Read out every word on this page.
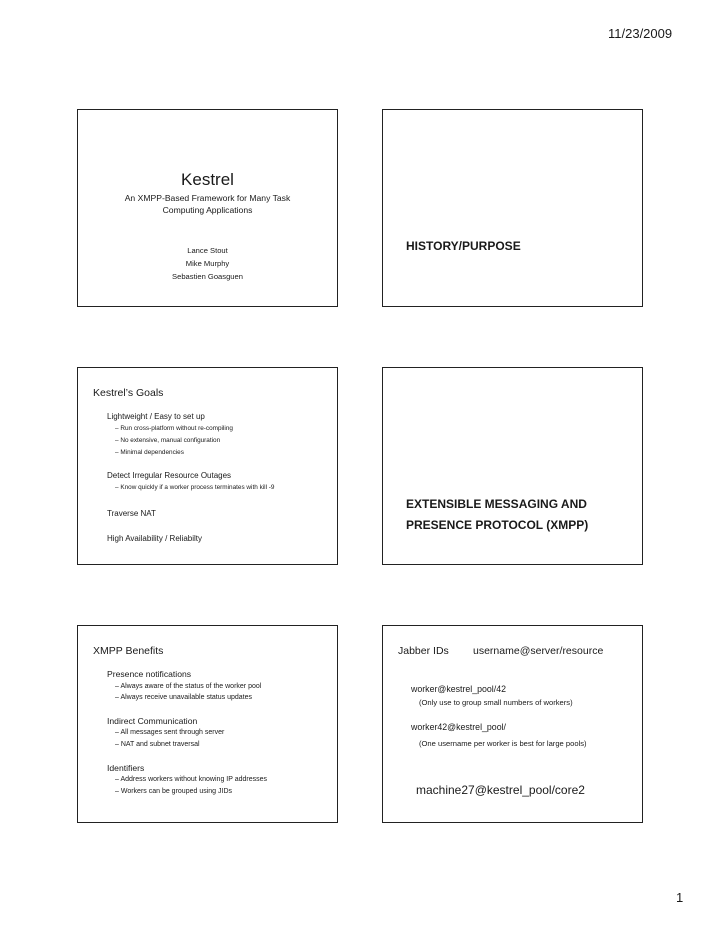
11/23/2009
Kestrel
An XMPP-Based Framework for Many Task
Computing Applications
Lance Stout
Mike Murphy
Sebastien Goasguen
HISTORY/PURPOSE
Kestrel’s Goals
Lightweight / Easy to set up
– Run cross-platform without re-compiling
– No extensive, manual configuration
– Minimal dependencies
Detect Irregular Resource Outages
– Know quickly if a worker process terminates with kill -9
Traverse NAT
High Availability / Reliabilty
EXTENSIBLE MESSAGING AND
PRESENCE PROTOCOL (XMPP)
XMPP Benefits
Presence notifications
– Always aware of the status of the worker pool
– Always receive unavailable status updates
Indirect Communication
– All messages sent through server
– NAT and subnet traversal
Identifiers
– Address workers without knowing IP addresses
– Workers can be grouped using JIDs
Jabber IDs username@server/resource
worker@kestrel_pool/42
(Only use to group small numbers of workers)
worker42@kestrel_pool/
(One username per worker is best for large pools)
machine27@kestrel_pool/core2
1
